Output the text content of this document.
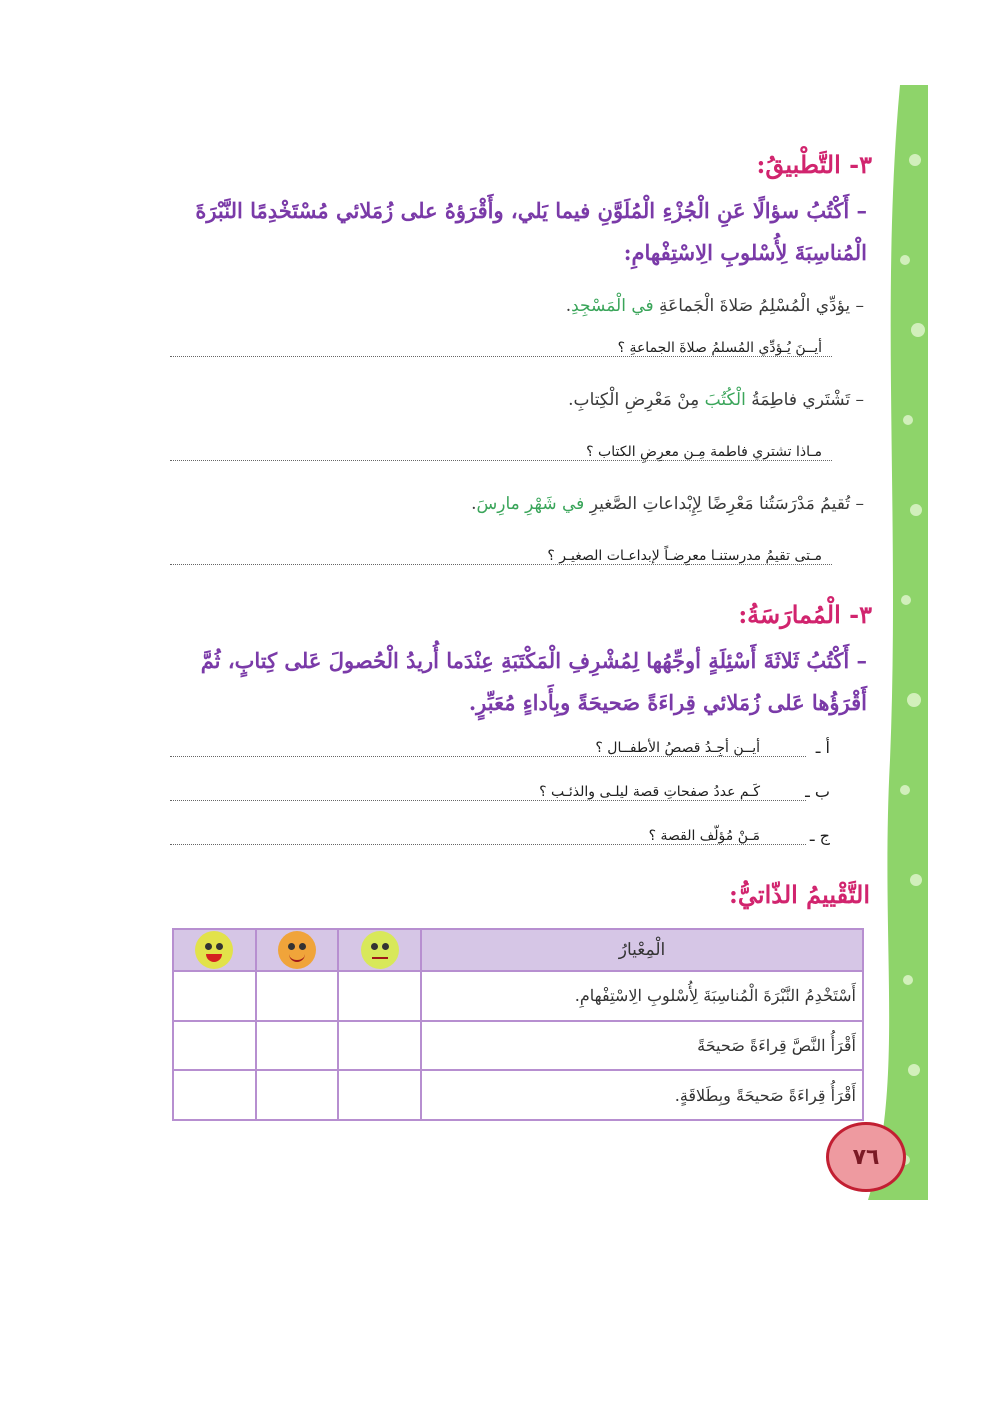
٣- التَّطْبيقُ:
– أَكْتُبُ سؤالًا عَنِ الْجُزْءِ الْمُلَوَّنِ فيما يَلي، وأَقْرَؤهُ على زُمَلائي مُسْتَخْدِمًا النَّبْرَةَ الْمُناسِبَةَ لِأُسْلوبِ الِاسْتِفْهامِ:
– يؤدِّي الْمُسْلِمُ صَلاةَ الْجَماعَةِ في الْمَسْجِدِ.
أيــنَ يُـؤدِّي المُسلمُ صلاةَ الجماعةِ ؟
– تَشْتَري فاطِمَةُ الْكُتُبَ مِنْ مَعْرِضِ الْكِتابِ.
مـاذا تشتري فاطمة مِـن معرِضِ الكتاب ؟
– تُقيمُ مَدْرَسَتُنا مَعْرِضًا لِإِبْداعاتِ الصَّغيرِ في شَهْرِ مارِسَ.
مـتى تقيمُ مدرستنـا معرِضـاً لإبداعـات الصغيـر ؟
٣- الْمُمارَسَةُ:
– أَكْتُبُ ثَلاثَةَ أَسْئِلَةٍ أوجِّهُها لِمُشْرِفِ الْمَكْتَبَةِ عِنْدَما أُريدُ الْحُصولَ عَلى كِتابٍ، ثُمَّ أَقْرَؤُها عَلى زُمَلائي قِراءَةً صَحيحَةً وبِأَداءٍ مُعَبِّرٍ.
أ ـ
أيــن أجِـدُ قصصُ الأطفــال ؟
ب ـ
كَـم عددُ صفحاتِ قصة ليلـى والذئـب ؟
ج ـ
مَـنْ مُؤلّف القصة ؟
التَّقْييمُ الذّاتيُّ:
الْمِعْيارُ	

أَسْتَخْدِمُ النَّبْرَةَ الْمُناسِبَةَ لِأُسْلوبِ الِاسْتِفْهامِ.			
أَقْرَأُ النَّصَّ قِراءَةً صَحيحَةً			
أَقْرَأُ قِراءَةً صَحيحَةً وبِطَلاقَةٍ.			
٧٦
